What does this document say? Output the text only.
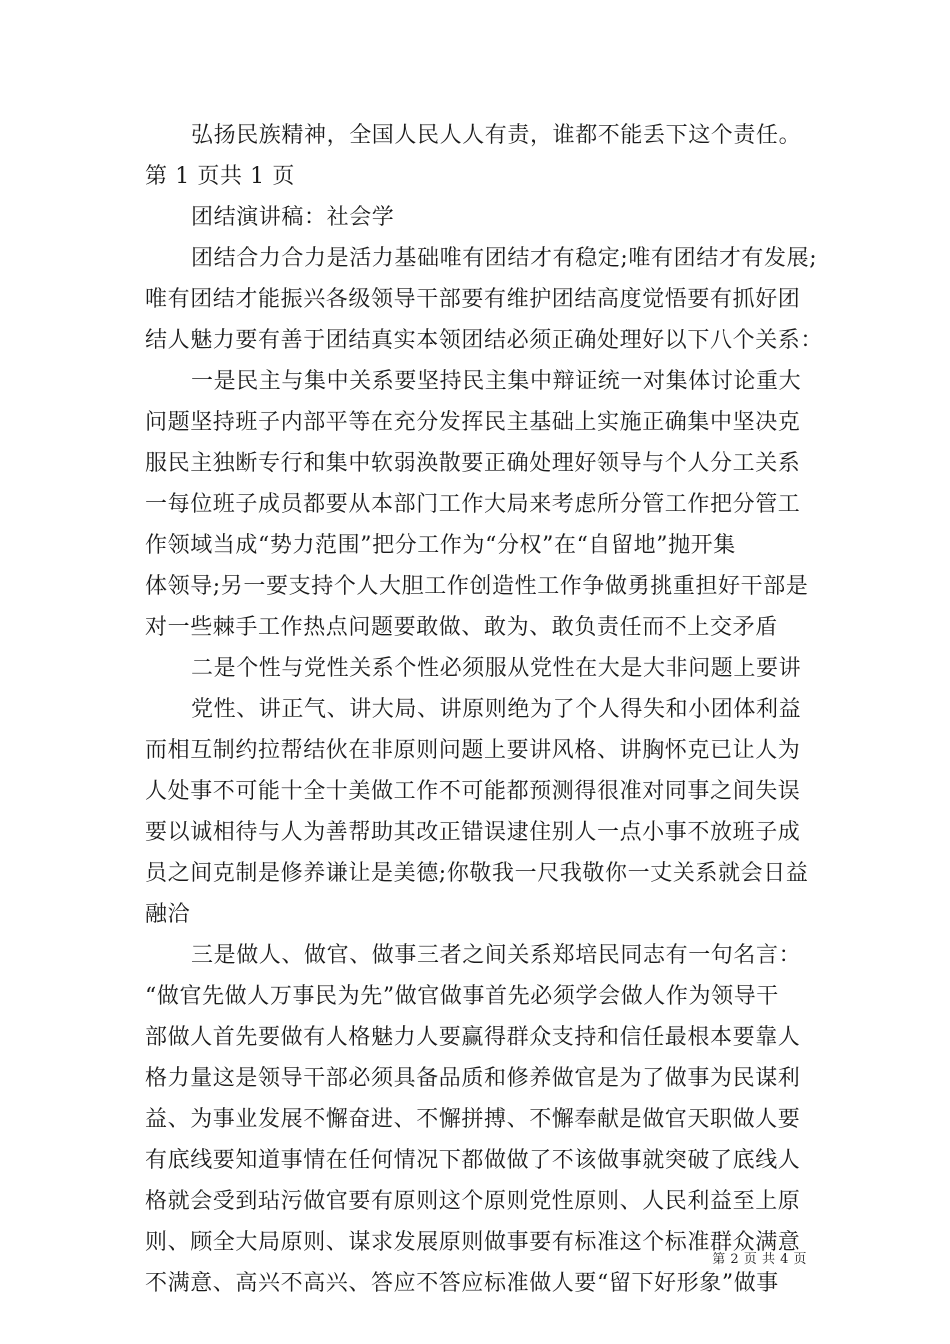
弘扬民族精神，全国人民人人有责，谁都不能丢下这个责任。
第 1 页共 1 页
团结演讲稿：社会学
团结合力合力是活力基础唯有团结才有稳定;唯有团结才有发展;
唯有团结才能振兴各级领导干部要有维护团结高度觉悟要有抓好团
结人魅力要有善于团结真实本领团结必须正确处理好以下八个关系：
一是民主与集中关系要坚持民主集中辩证统一对集体讨论重大
问题坚持班子内部平等在充分发挥民主基础上实施正确集中坚决克
服民主独断专行和集中软弱涣散要正确处理好领导与个人分工关系
一每位班子成员都要从本部门工作大局来考虑所分管工作把分管工
作领域当成“势力范围”把分工作为“分权”在“自留地”抛开集
体领导;另一要支持个人大胆工作创造性工作争做勇挑重担好干部是
对一些棘手工作热点问题要敢做、敢为、敢负责任而不上交矛盾
二是个性与党性关系个性必须服从党性在大是大非问题上要讲
党性、讲正气、讲大局、讲原则绝为了个人得失和小团体利益
而相互制约拉帮结伙在非原则问题上要讲风格、讲胸怀克已让人为
人处事不可能十全十美做工作不可能都预测得很准对同事之间失误
要以诚相待与人为善帮助其改正错误逮住别人一点小事不放班子成
员之间克制是修养谦让是美德;你敬我一尺我敬你一丈关系就会日益
融洽
三是做人、做官、做事三者之间关系郑培民同志有一句名言：
“做官先做人万事民为先”做官做事首先必须学会做人作为领导干
部做人首先要做有人格魅力人要赢得群众支持和信任最根本要靠人
格力量这是领导干部必须具备品质和修养做官是为了做事为民谋利
益、为事业发展不懈奋进、不懈拼搏、不懈奉献是做官天职做人要
有底线要知道事情在任何情况下都做做了不该做事就突破了底线人
格就会受到玷污做官要有原则这个原则党性原则、人民利益至上原
则、顾全大局原则、谋求发展原则做事要有标准这个标准群众满意
不满意、高兴不高兴、答应不答应标准做人要“留下好形象”做事
第 2 页 共 4 页
